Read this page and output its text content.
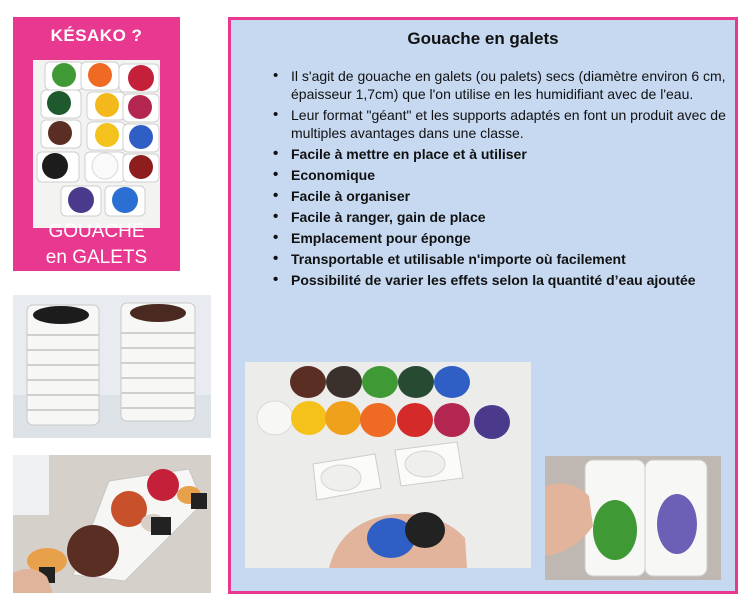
KÉSAKO ?
GOUACHE
en GALETS
Gouache en galets
• Il s'agit de gouache en galets (ou palets) secs (diamètre environ 6 cm, épaisseur 1,7cm) que l'on utilise en les humidifiant avec de l'eau.
• Leur format "géant" et les supports adaptés en font un produit avec de multiples avantages dans une classe.
• Facile à mettre en place et à utiliser
• Economique
• Facile à organiser
• Facile à ranger, gain de place
• Emplacement pour éponge
• Transportable et utilisable n'importe où facilement
• Possibilité de varier les effets selon la quantité d’eau ajoutée
